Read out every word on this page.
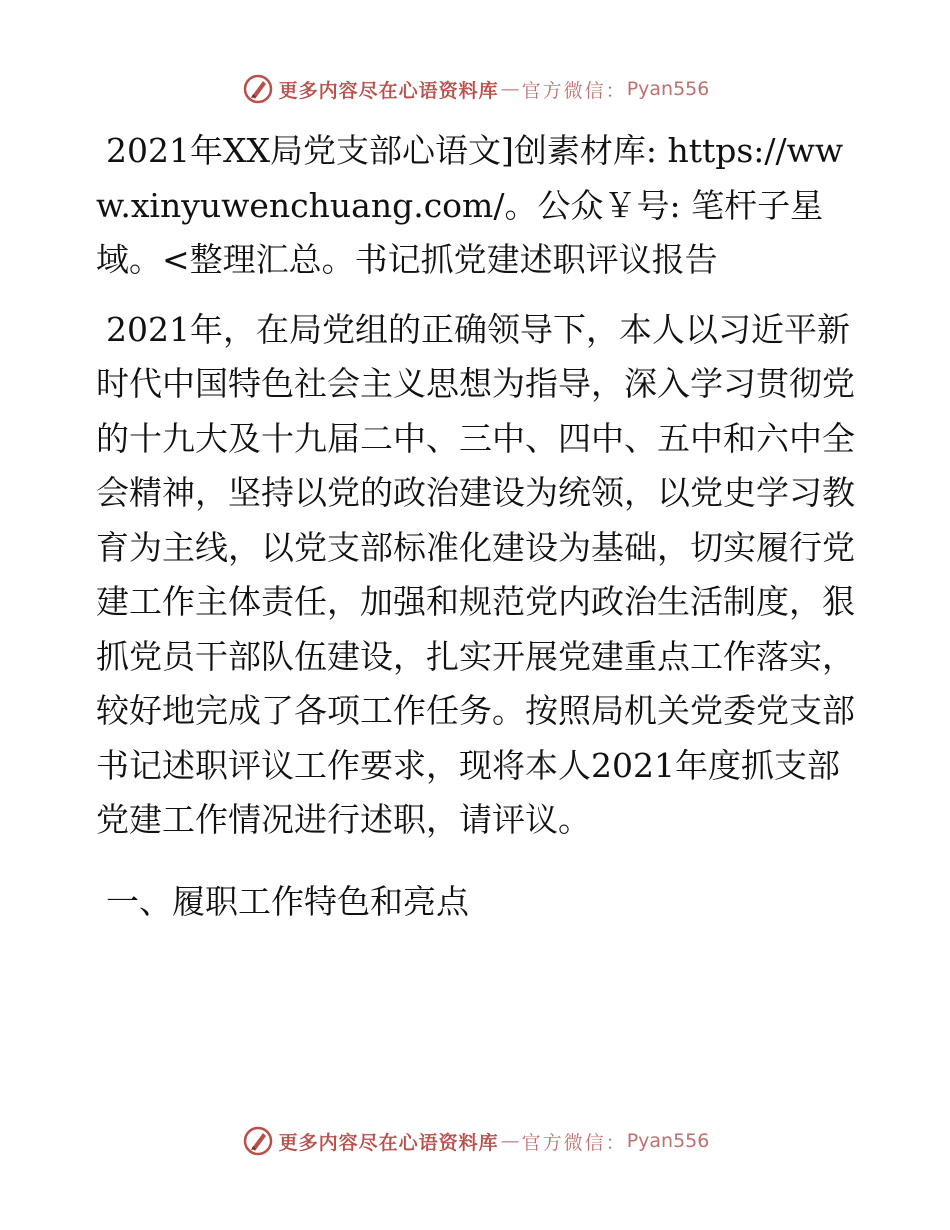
更多内容尽在心语资料库 — 官方微信： Pyan556

2021年XX局党支部心语文]创素材库: https://www.xinyuwenchuang.com/。公众￥号: 笔杆子星域。<整理汇总。书记抓党建述职评议报告

2021年，在局党组的正确领导下，本人以习近平新时代中国特色社会主义思想为指导，深入学习贯彻党的十九大及十九届二中、三中、四中、五中和六中全会精神，坚持以党的政治建设为统领，以党史学习教育为主线，以党支部标准化建设为基础，切实履行党建工作主体责任，加强和规范党内政治生活制度，狠抓党员干部队伍建设，扎实开展党建重点工作落实，较好地完成了各项工作任务。按照局机关党委党支部书记述职评议工作要求，现将本人2021年度抓支部党建工作情况进行述职，请评议。

一、履职工作特色和亮点

更多内容尽在心语资料库 — 官方微信： Pyan556
